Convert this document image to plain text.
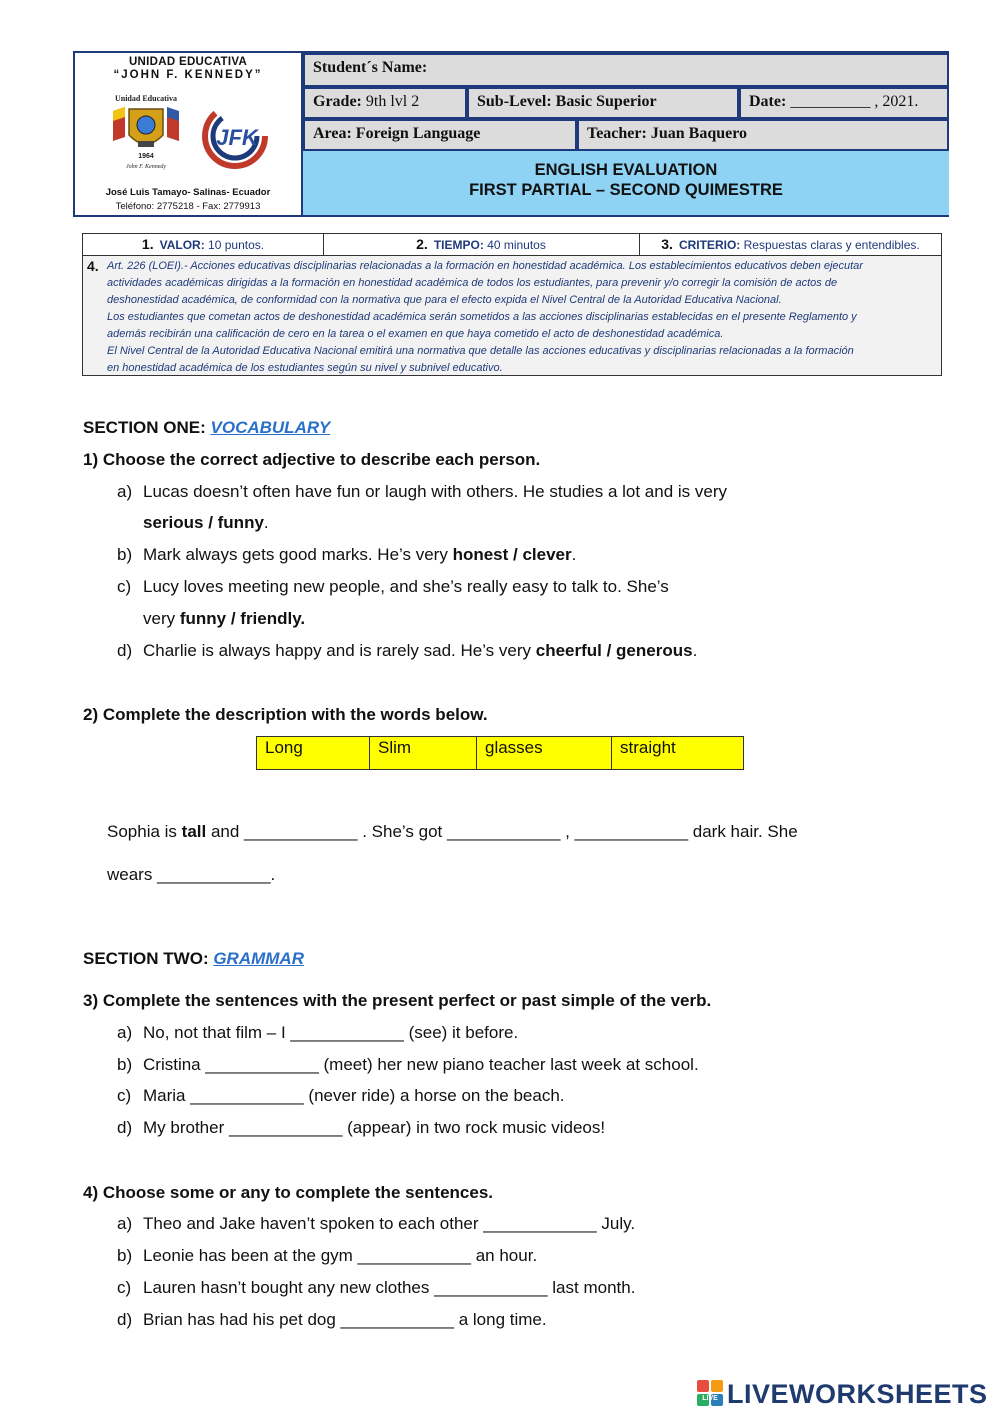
UNIDAD EDUCATIVA
“JOHN F. KENNEDY”
Unidad Educativa
1964
John F. Kennedy
JFK
José Luis Tamayo- Salinas- Ecuador
Teléfono: 2775218 - Fax: 2779913
Student´s Name:
Grade: 9th lvl 2	Sub-Level: Basic Superior	Date: __________ , 2021.
Area: Foreign Language	Teacher: Juan Baquero
ENGLISH EVALUATION
FIRST PARTIAL – SECOND QUIMESTRE
1. VALOR: 10 puntos.	2. TIEMPO: 40 minutos	3. CRITERIO: Respuestas claras y entendibles.
4. Art. 226 (LOEI).- Acciones educativas disciplinarias relacionadas a la formación en honestidad académica. Los establecimientos educativos deben ejecutar
actividades académicas dirigidas a la formación en honestidad académica de todos los estudiantes, para prevenir y/o corregir la comisión de actos de
deshonestidad académica, de conformidad con la normativa que para el efecto expida el Nivel Central de la Autoridad Educativa Nacional.
Los estudiantes que cometan actos de deshonestidad académica serán sometidos a las acciones disciplinarias establecidas en el presente Reglamento y
además recibirán una calificación de cero en la tarea o el examen en que haya cometido el acto de deshonestidad académica.
El Nivel Central de la Autoridad Educativa Nacional emitirá una normativa que detalle las acciones educativas y disciplinarias relacionadas a la formación
en honestidad académica de los estudiantes según su nivel y subnivel educativo.
SECTION ONE: VOCABULARY
1) Choose the correct adjective to describe each person.
a) Lucas doesn’t often have fun or laugh with others. He studies a lot and is very
serious / funny.
b) Mark always gets good marks. He’s very honest / clever.
c) Lucy loves meeting new people, and she’s really easy to talk to. She’s
very funny / friendly.
d) Charlie is always happy and is rarely sad. He’s very cheerful / generous.
2) Complete the description with the words below.
Long	Slim	glasses	straight
Sophia is tall and ____________ . She’s got ____________ , ____________ dark hair. She
wears ____________.
SECTION TWO: GRAMMAR
3) Complete the sentences with the present perfect or past simple of the verb.
a) No, not that film – I ____________ (see) it before.
b) Cristina ____________ (meet) her new piano teacher last week at school.
c) Maria ____________ (never ride) a horse on the beach.
d) My brother ____________ (appear) in two rock music videos!
4) Choose some or any to complete the sentences.
a) Theo and Jake haven’t spoken to each other ____________ July.
b) Leonie has been at the gym ____________ an hour.
c) Lauren hasn’t bought any new clothes ____________ last month.
d) Brian has had his pet dog ____________ a long time.
LIVE LIVEWORKSHEETS
